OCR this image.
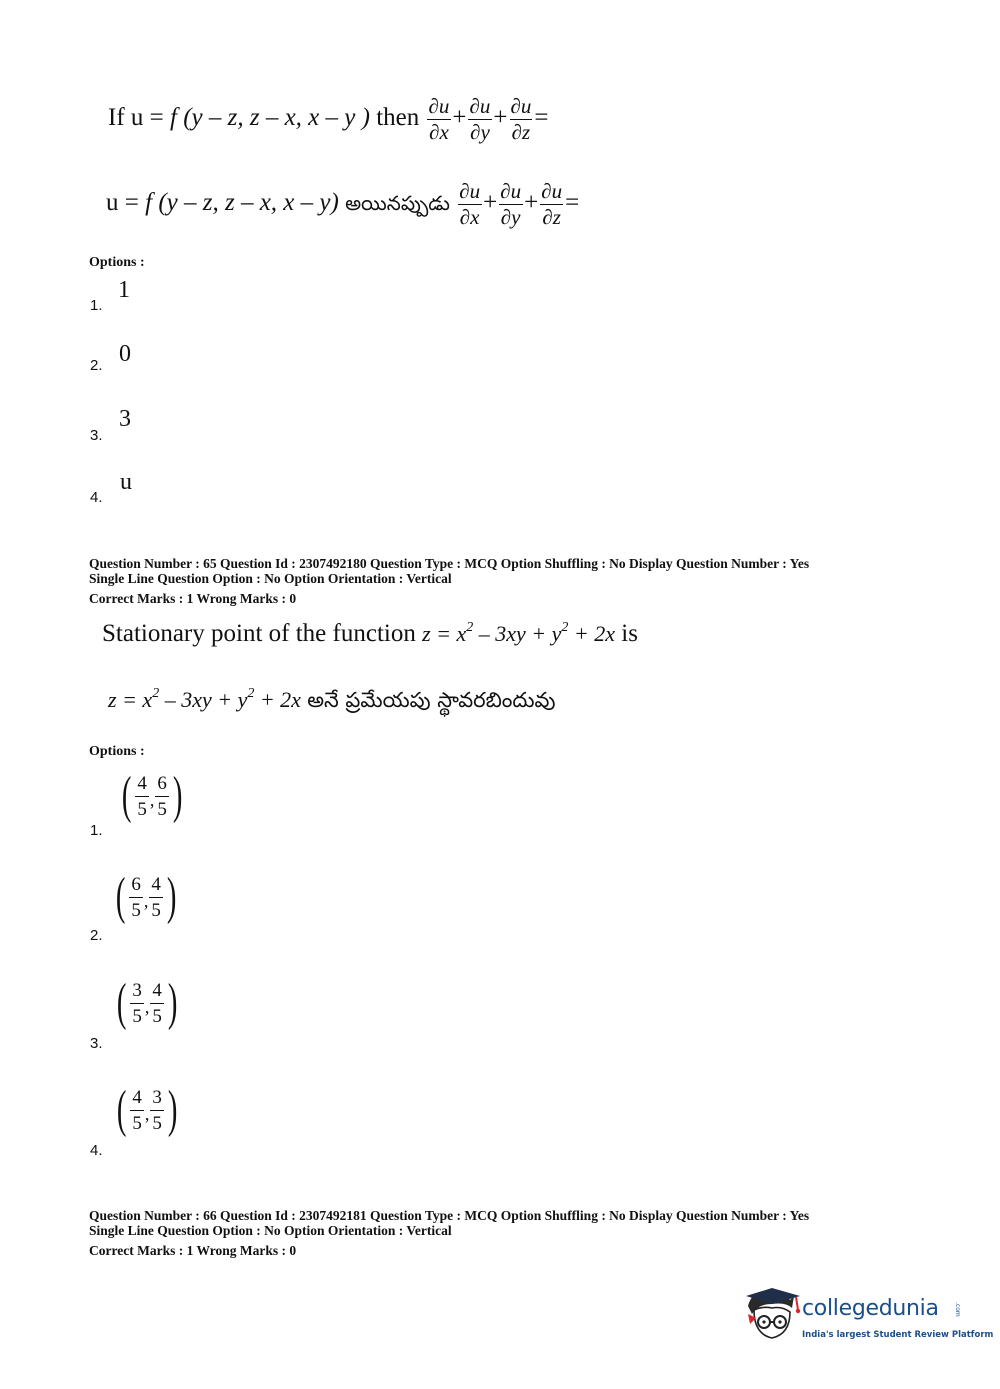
If u = f (y – z, z – x, x – y ) then $\frac{\partial u}{\partial x} + \frac{\partial u}{\partial y} + \frac{\partial u}{\partial z}$ =
u = f (y – z, z – x, x – y) అయినప్పుడు $\frac{\partial u}{\partial x} + \frac{\partial u}{\partial y} + \frac{\partial u}{\partial z}$ =
Options :
1
1.
0
2.
3
3.
u
4.
Question Number : 65 Question Id : 2307492180 Question Type : MCQ Option Shuffling : No Display Question Number : Yes
Single Line Question Option : No Option Orientation : Vertical
Correct Marks : 1 Wrong Marks : 0
Stationary point of the function $z = x^2 - 3xy + y^2 + 2x$ is
$z = x^2 - 3xy + y^2 + 2x$ అనే ప్రమేయపు స్థావరబిందువు
Options :
( 4
5 ,
6
5 )
1.
( 6
5 ,
4
5 )
2.
( 3
5 ,
4
5 )
3.
( 4
5 ,
3
5 )
4.
Question Number : 66 Question Id : 2307492181 Question Type : MCQ Option Shuffling : No Display Question Number : Yes
Single Line Question Option : No Option Orientation : Vertical
Correct Marks : 1 Wrong Marks : 0
collegedunia	.com
India's largest Student Review Platform
